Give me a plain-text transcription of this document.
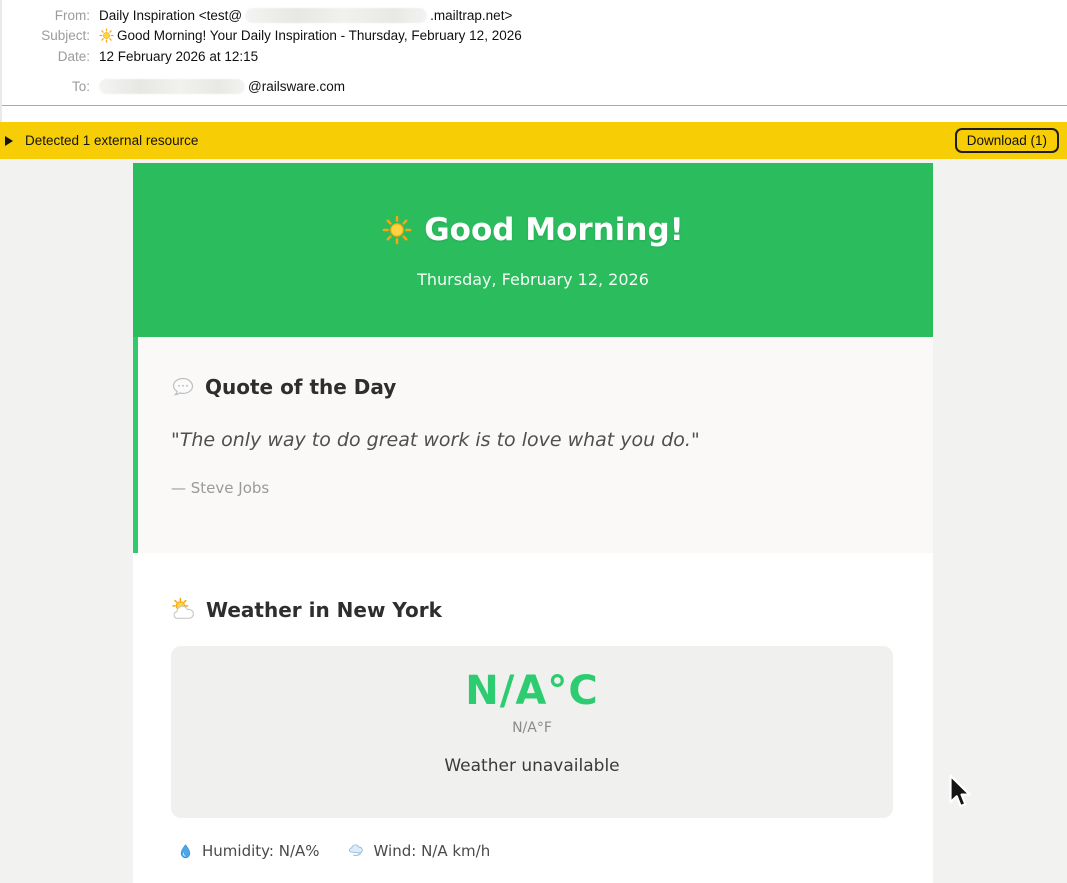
From: Daily Inspiration <test@	.mailtrap.net>
Subject: Good Morning! Your Daily Inspiration - Thursday, February 12, 2026
Date: 12 February 2026 at 12:15
To:	@railsware.com
Detected 1 external resource	Download (1)
Good Morning!
Thursday, February 12, 2026
Quote of the Day
"The only way to do great work is to love what you do."
— Steve Jobs
Weather in New York
N/A°C
N/A°F
Weather unavailable
Humidity: N/A%	Wind: N/A km/h
